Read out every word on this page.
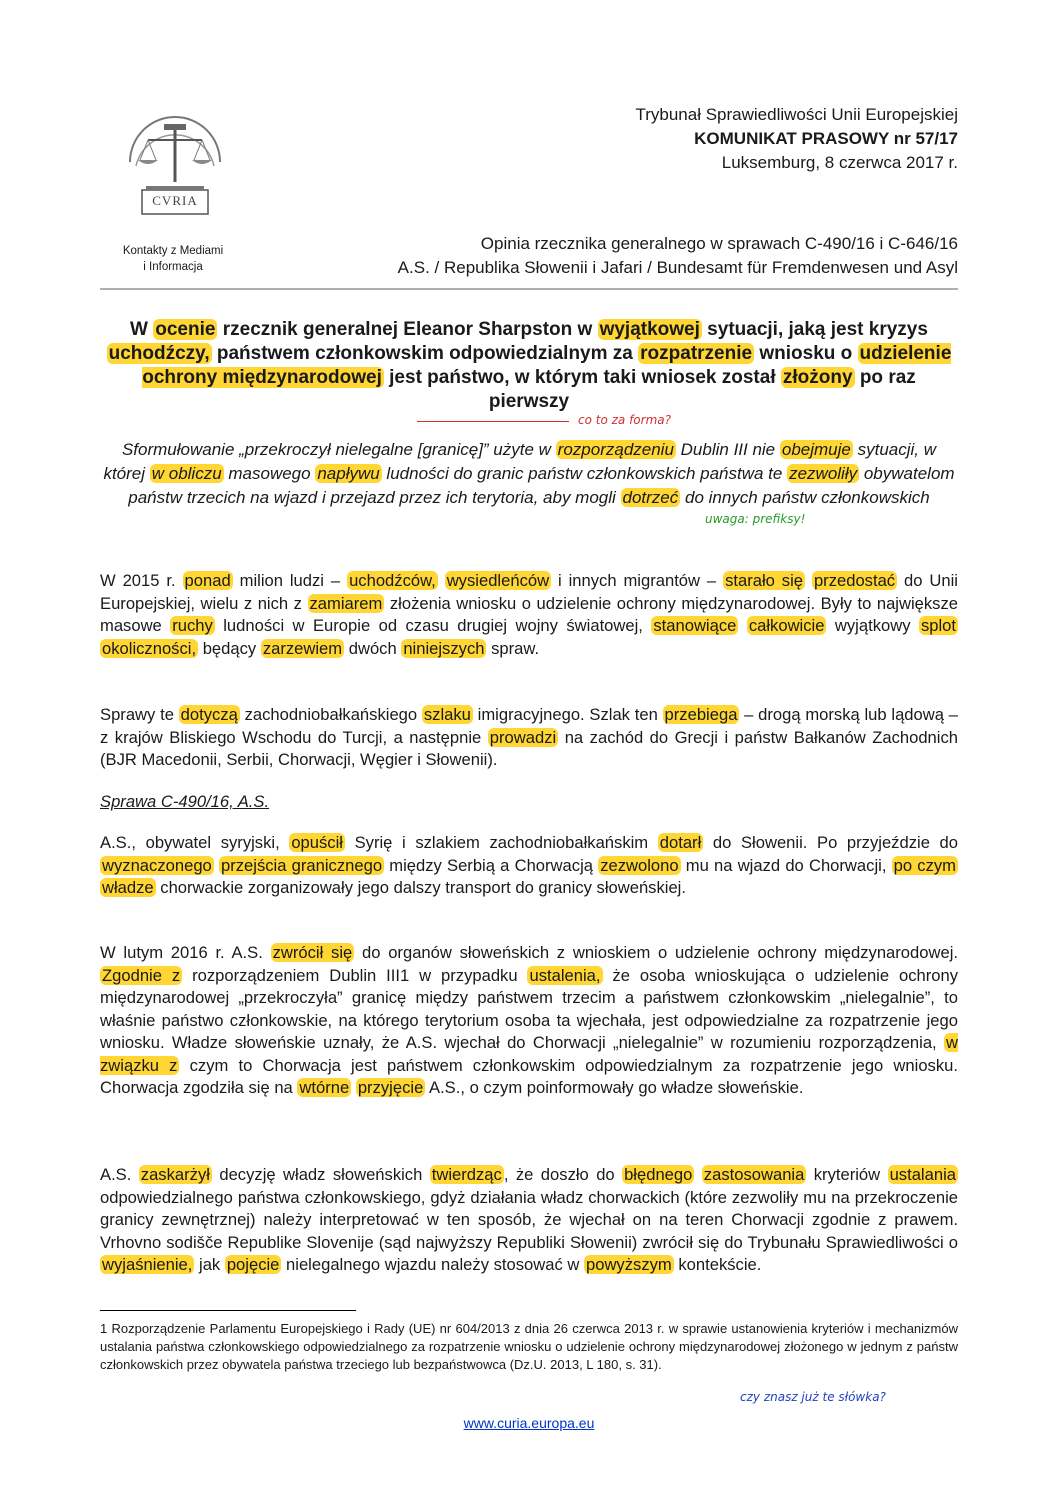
CVRIA
Kontakty z Mediami
i Informacja
Trybunał Sprawiedliwości Unii Europejskiej
KOMUNIKAT PRASOWY nr 57/17
Luksemburg, 8 czerwca 2017 r.
Opinia rzecznika generalnego w sprawach C-490/16 i C-646/16
A.S. / Republika Słowenii i Jafari / Bundesamt für Fremdenwesen und Asyl
W ocenie rzecznik generalnej Eleanor Sharpston w wyjątkowej sytuacji, jaką jest kryzys uchodźczy, państwem członkowskim odpowiedzialnym za rozpatrzenie wniosku o udzielenie ochrony międzynarodowej jest państwo, w którym taki wniosek został złożony po raz pierwszy
co to za forma?
Sformułowanie „przekroczył nielegalne [granicę]” użyte w rozporządzeniu Dublin III nie obejmuje sytuacji, w której w obliczu masowego napływu ludności do granic państw członkowskich państwa te zezwoliły obywatelom państw trzecich na wjazd i przejazd przez ich terytoria, aby mogli dotrzeć do innych państw członkowskich
uwaga: prefiksy!
W 2015 r. ponad milion ludzi – uchodźców, wysiedleńców i innych migrantów – starało się przedostać do Unii Europejskiej, wielu z nich z zamiarem złożenia wniosku o udzielenie ochrony międzynarodowej. Były to największe masowe ruchy ludności w Europie od czasu drugiej wojny światowej, stanowiące całkowicie wyjątkowy splot okoliczności, będący zarzewiem dwóch niniejszych spraw.
Sprawy te dotyczą zachodniobałkańskiego szlaku imigracyjnego. Szlak ten przebiega – drogą morską lub lądową – z krajów Bliskiego Wschodu do Turcji, a następnie prowadzi na zachód do Grecji i państw Bałkanów Zachodnich (BJR Macedonii, Serbii, Chorwacji, Węgier i Słowenii).
Sprawa C-490/16, A.S.
A.S., obywatel syryjski, opuścił Syrię i szlakiem zachodniobałkańskim dotarł do Słowenii. Po przyjeździe do wyznaczonego przejścia granicznego między Serbią a Chorwacją zezwolono mu na wjazd do Chorwacji, po czym władze chorwackie zorganizowały jego dalszy transport do granicy słoweńskiej.
W lutym 2016 r. A.S. zwrócił się do organów słoweńskich z wnioskiem o udzielenie ochrony międzynarodowej. Zgodnie z rozporządzeniem Dublin III1 w przypadku ustalenia, że osoba wnioskująca o udzielenie ochrony międzynarodowej „przekroczyła” granicę między państwem trzecim a państwem członkowskim „nielegalnie”, to właśnie państwo członkowskie, na którego terytorium osoba ta wjechała, jest odpowiedzialne za rozpatrzenie jego wniosku. Władze słoweńskie uznały, że A.S. wjechał do Chorwacji „nielegalnie” w rozumieniu rozporządzenia, w związku z czym to Chorwacja jest państwem członkowskim odpowiedzialnym za rozpatrzenie jego wniosku. Chorwacja zgodziła się na wtórne przyjęcie A.S., o czym poinformowały go władze słoweńskie.
A.S. zaskarżył decyzję władz słoweńskich twierdząc , że doszło do błędnego zastosowania kryteriów ustalania odpowiedzialnego państwa członkowskiego, gdyż działania władz chorwackich (które zezwoliły mu na przekroczenie granicy zewnętrznej) należy interpretować w ten sposób, że wjechał on na teren Chorwacji zgodnie z prawem. Vrhovno sodišče Republike Slovenije (sąd najwyższy Republiki Słowenii) zwrócił się do Trybunału Sprawiedliwości o wyjaśnienie, jak pojęcie nielegalnego wjazdu należy stosować w powyższym kontekście.
1 Rozporządzenie Parlamentu Europejskiego i Rady (UE) nr 604/2013 z dnia 26 czerwca 2013 r. w sprawie ustanowienia kryteriów i mechanizmów ustalania państwa członkowskiego odpowiedzialnego za rozpatrzenie wniosku o udzielenie ochrony międzynarodowej złożonego w jednym z państw członkowskich przez obywatela państwa trzeciego lub bezpaństwowca (Dz.U. 2013, L 180, s. 31).
czy znasz już te słówka?
www.curia.europa.eu
